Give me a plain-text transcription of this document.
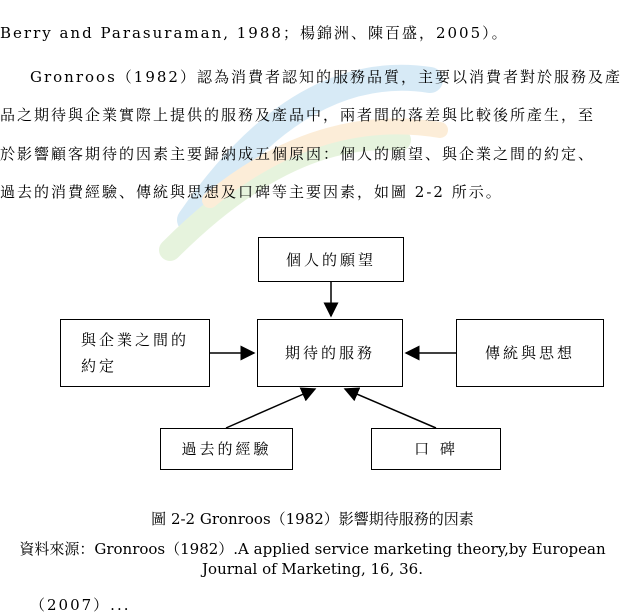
Berry and Parasuraman, 1988；楊錦洲、陳百盛，2005）。
Gronroos（1982）認為消費者認知的服務品質，主要以消費者對於服務及產
品之期待與企業實際上提供的服務及產品中，兩者間的落差與比較後所產生，至
於影響顧客期待的因素主要歸納成五個原因：個人的願望、與企業之間的約定、
過去的消費經驗、傳統與思想及口碑等主要因素，如圖 2-2 所示。
個人的願望
期待的服務
與企業之間的
約定
傳統與思想
過去的經驗	口 碑
圖 2-2 Gronroos（1982）影響期待服務的因素
資料來源：Gronroos（1982）.A applied service marketing theory,by European
Journal of Marketing, 16, 36.
（2007）...
